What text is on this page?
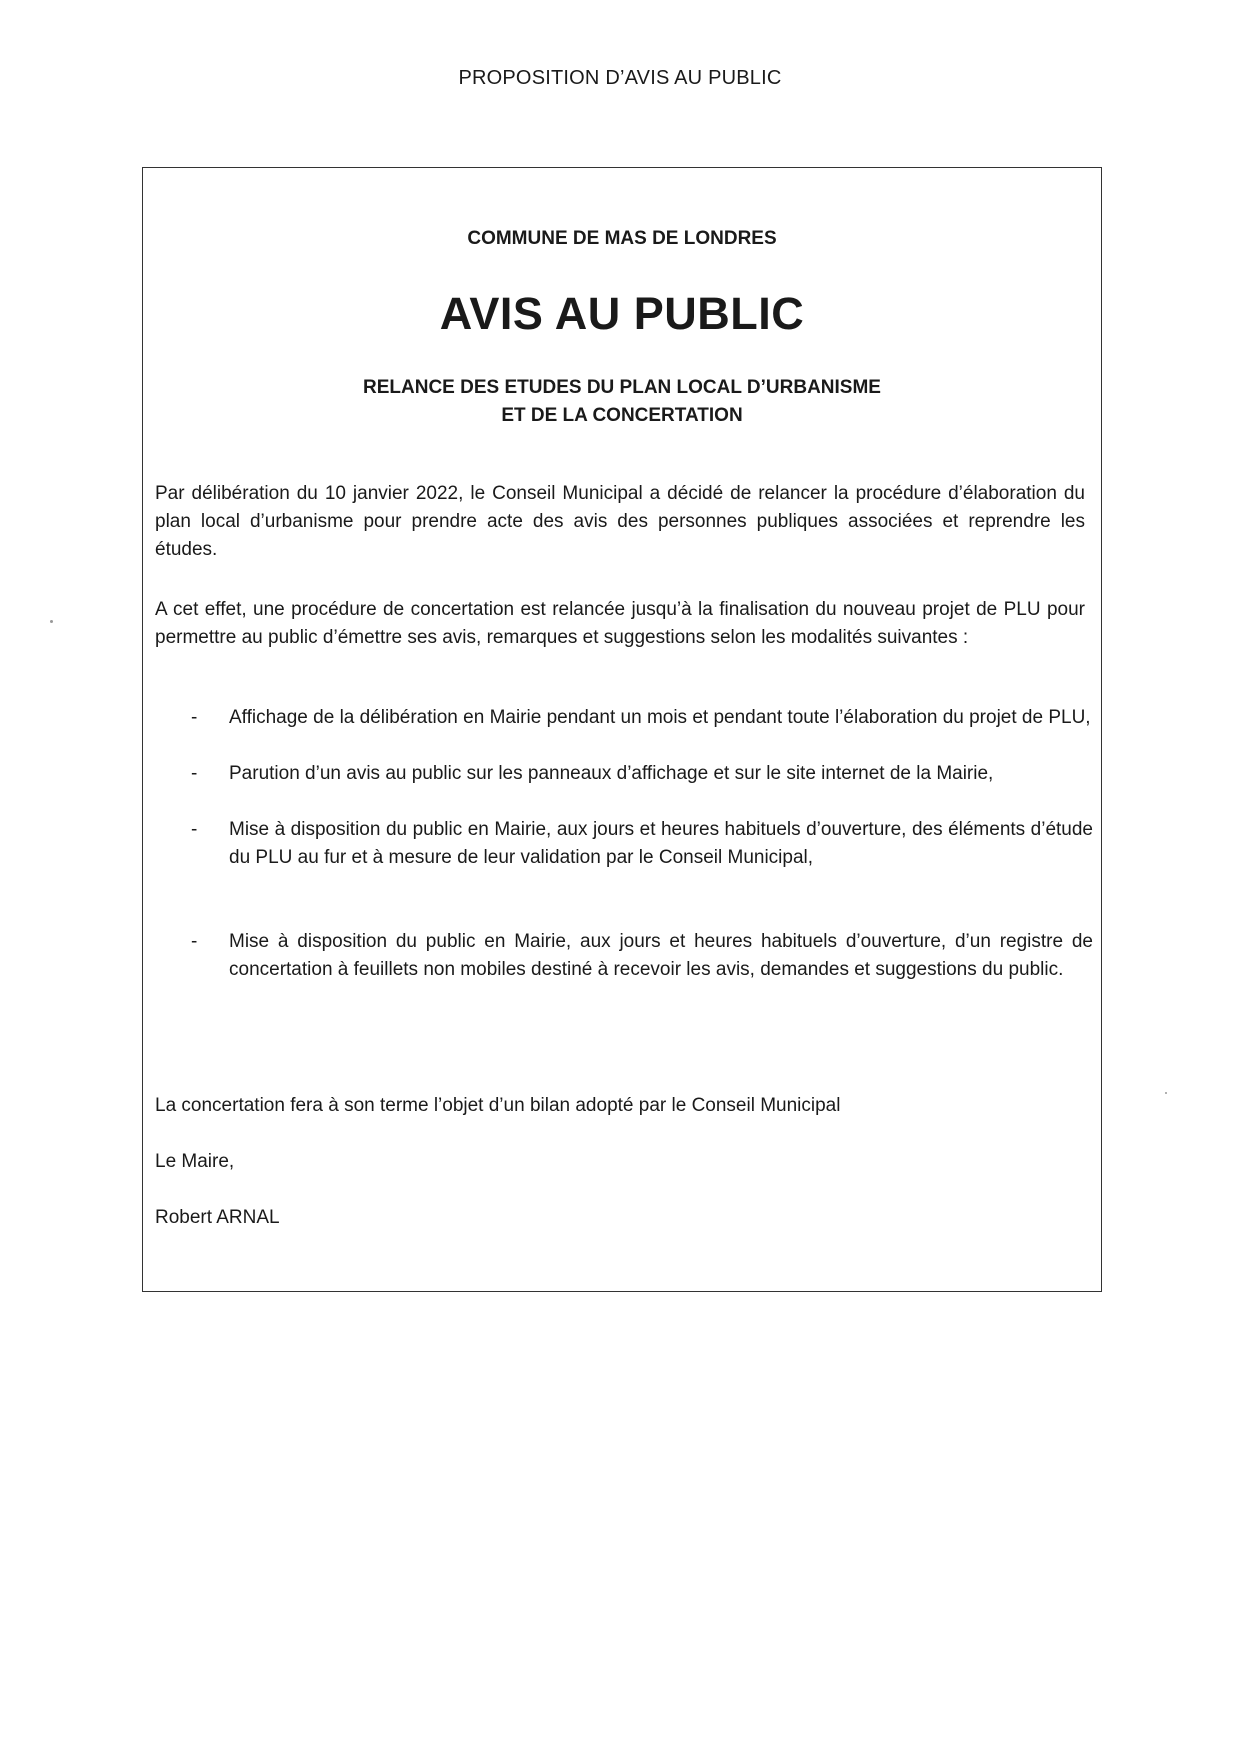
PROPOSITION D’AVIS AU PUBLIC
COMMUNE DE MAS DE LONDRES
AVIS AU PUBLIC
RELANCE DES ETUDES DU PLAN LOCAL D’URBANISME
ET DE LA CONCERTATION
Par délibération du 10 janvier 2022, le Conseil Municipal a décidé de relancer la procédure d’élaboration du plan local d’urbanisme pour prendre acte des avis des personnes publiques associées et reprendre les études.
A cet effet, une procédure de concertation est relancée jusqu’à la finalisation du nouveau projet de PLU pour permettre au public d’émettre ses avis, remarques et suggestions selon les modalités suivantes :
- Affichage de la délibération en Mairie pendant un mois et pendant toute l’élaboration du projet de PLU,
- Parution d’un avis au public sur les panneaux d’affichage et sur le site internet de la Mairie,
- Mise à disposition du public en Mairie, aux jours et heures habituels d’ouverture, des éléments d’étude du PLU au fur et à mesure de leur validation par le Conseil Municipal,
- Mise à disposition du public en Mairie, aux jours et heures habituels d’ouverture, d’un registre de concertation à feuillets non mobiles destiné à recevoir les avis, demandes et suggestions du public.
La concertation fera à son terme l’objet d’un bilan adopté par le Conseil Municipal
Le Maire,
Robert ARNAL
